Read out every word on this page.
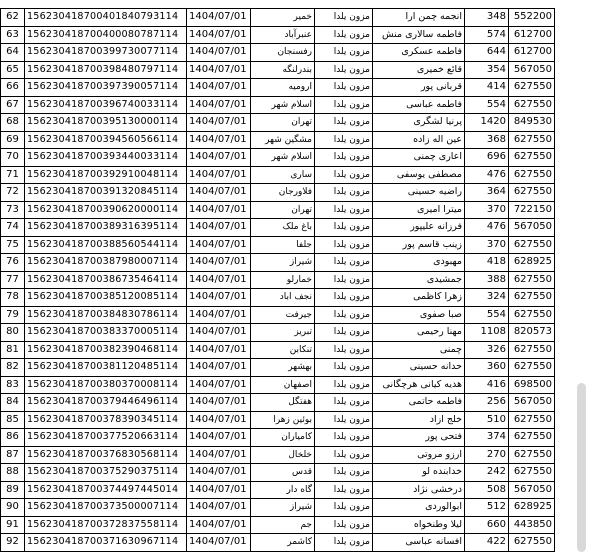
62	156230418700401840793114	1404/07/01	خمیر	مزون یلدا	انجمه چمن ارا	348	552200
63	156230418700400080787114	1404/07/01	عنبرآباد	مزون یلدا	فاطمه سالاری منش	574	612700
64	156230418700399730077114	1404/07/01	رفسنجان	مزون یلدا	فاطمه عسکری	644	612700
65	156230418700398480797114	1404/07/01	بندرلنگه	مزون یلدا	قائع خمیری	354	567050
66	156230418700397390057114	1404/07/01	ارومیه	مزون یلدا	قربانی پور	414	627550
67	156230418700396740033114	1404/07/01	اسلام شهر	مزون یلدا	فاطمه عباسی	554	627550
68	156230418700395130000114	1404/07/01	تهران	مزون یلدا	پرنیا لشگری	1420	849530
69	156230418700394560566114	1404/07/01	مشگین شهر	مزون یلدا	عین اله زاده	368	627550
70	156230418700393440033114	1404/07/01	اسلام شهر	مزون یلدا	اعاری چمنی	696	627550
71	156230418700392910048114	1404/07/01	ساری	مزون یلدا	مصطفی یوسفی	476	627550
72	156230418700391320845114	1404/07/01	فلاورجان	مزون یلدا	راضیه حسینی	364	627550
73	156230418700390620000114	1404/07/01	تهران	مزون یلدا	میترا امیری	370	722150
74	156230418700389316395114	1404/07/01	باغ ملک	مزون یلدا	فرزانه علیپور	476	567050
75	156230418700388560544114	1404/07/01	جلفا	مزون یلدا	زینب قاسم پور	370	627550
76	156230418700387980007114	1404/07/01	شیراز	مزون یلدا	مهبودی	418	628925
77	156230418700386735464114	1404/07/01	خمارلو	مزون یلدا	جمشیدی	388	627550
78	156230418700385120085114	1404/07/01	نجف اباد	مزون یلدا	زهرا کاظمی	324	627550
79	156230418700384830786114	1404/07/01	جیرفت	مزون یلدا	صبا صفوی	554	627550
80	156230418700383370005114	1404/07/01	تبریز	مزون یلدا	مهنا رحیمی	1108	820573
81	156230418700382390468114	1404/07/01	تنکابن	مزون یلدا	چمنی	326	627550
82	156230418700381120485114	1404/07/01	بهشهر	مزون یلدا	حدانه حسینی	360	627550
83	156230418700380370008114	1404/07/01	اصفهان	مزون یلدا	هدیه کیانی هرچگانی	416	698500
84	156230418700379446496114	1404/07/01	هفتگل	مزون یلدا	فاطمه حاتمی	256	567050
85	156230418700378390345114	1404/07/01	بوئین زهرا	مزون یلدا	خلج ازاد	510	627550
86	156230418700377520663114	1404/07/01	کامیاران	مزون یلدا	فتحی پور	374	627550
87	156230418700376830568114	1404/07/01	خلخال	مزون یلدا	ارزو مروتی	270	627550
88	156230418700375290375114	1404/07/01	قدس	مزون یلدا	خدابنده لو	242	627550
89	156230418700374497445014	1404/07/01	گاه دار	مزون یلدا	درخشی نژاد	508	567050
90	156230418700373500007114	1404/07/01	شیراز	مزون یلدا	ابوالوردی	512	628925
91	156230418700372837558114	1404/07/01	جم	مزون یلدا	لیلا وطنخواه	660	443850
92	156230418700371630967114	1404/07/01	کاشمر	مزون یلدا	افسانه عباسی	422	627550
